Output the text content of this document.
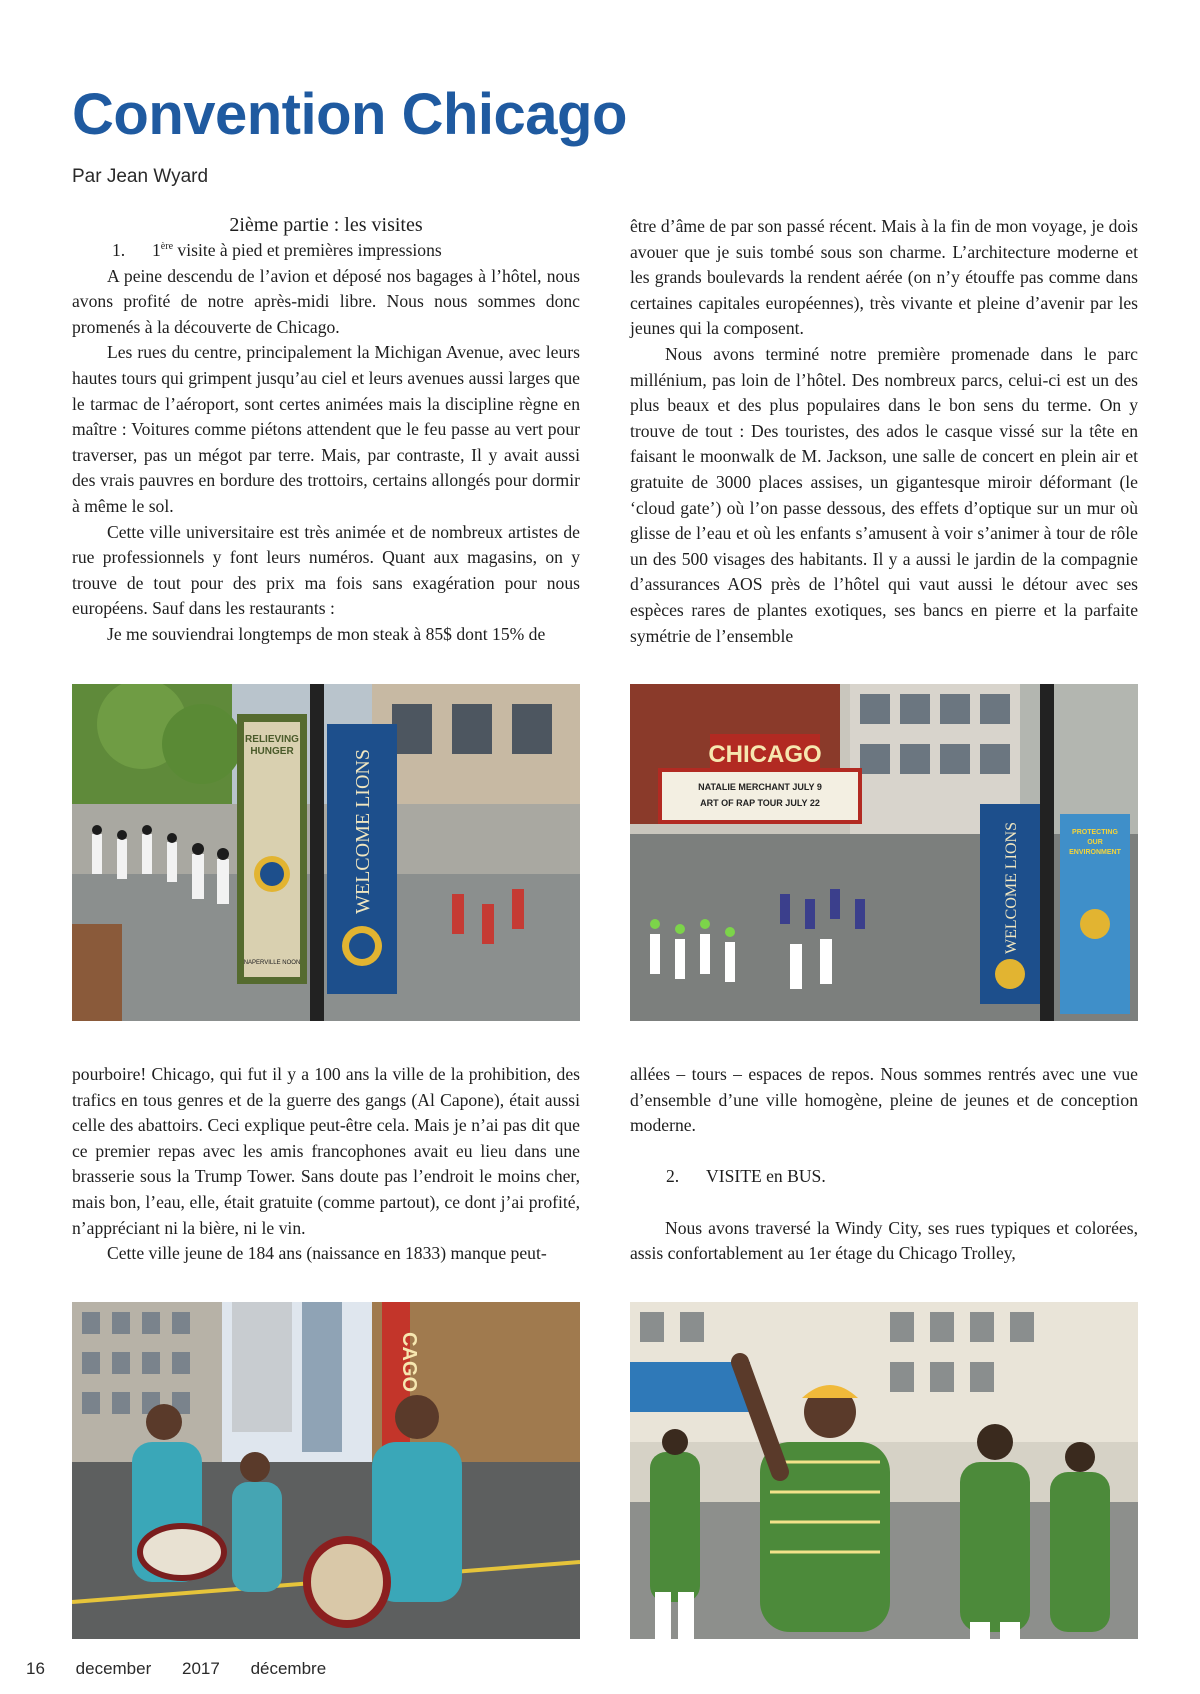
Convention Chicago
Par Jean Wyard

2ième partie : les visites

1. 1ère visite à pied et premières impressions

A peine descendu de l’avion et déposé nos bagages à l’hôtel, nous avons profité de notre après-midi libre. Nous nous sommes donc promenés à la découverte de Chicago.

Les rues du centre, principalement la Michigan Avenue, avec leurs hautes tours qui grimpent jusqu’au ciel et leurs avenues aussi larges que le tarmac de l’aéroport, sont certes animées mais la discipline règne en maître : Voitures comme piétons attendent que le feu passe au vert pour traverser, pas un mégot par terre. Mais, par contraste, Il y avait aussi des vrais pauvres en bordure des trottoirs, certains allongés pour dormir à même le sol.

Cette ville universitaire est très animée et de nombreux artistes de rue professionnels y font leurs numéros. Quant aux magasins, on y trouve de tout pour des prix ma fois sans exagération pour nous européens. Sauf dans les restaurants :

Je me souviendrai longtemps de mon steak à 85$ dont 15% de

être d’âme de par son passé récent. Mais à la fin de mon voyage, je dois avouer que je suis tombé sous son charme. L’architecture moderne et les grands boulevards la rendent aérée (on n’y étouffe pas comme dans certaines capitales européennes), très vivante et pleine d’avenir par les jeunes qui la composent.

Nous avons terminé notre première promenade dans le parc millénium, pas loin de l’hôtel. Des nombreux parcs, celui-ci est un des plus beaux et des plus populaires dans le bon sens du terme. On y trouve de tout : Des touristes, des ados le casque vissé sur la tête en faisant le moonwalk de M. Jackson, une salle de concert en plein air et gratuite de 3000 places assises, un gigantesque miroir déformant (le ‘cloud gate’) où l’on passe dessous, des effets d’optique sur un mur où glisse de l’eau et où les enfants s’amusent à voir s’animer à tour de rôle un des 500 visages des habitants. Il y a aussi le jardin de la compagnie d’assurances AOS près de l’hôtel qui vaut aussi le détour avec ses espèces rares de plantes exotiques, ses bancs en pierre et la parfaite symétrie de l’ensemble

RELIEVING
HUNGER
NAPERVILLE NOON
WELCOME LIONS	CHICAGO
NATALIE MERCHANT JULY 9
ART OF RAP TOUR JULY 22
WELCOME LIONS	PROTECTING
OUR
ENVIRONMENT

pourboire! Chicago, qui fut il y a 100 ans la ville de la prohibition, des trafics en tous genres et de la guerre des gangs (Al Capone), était aussi celle des abattoirs. Ceci explique peut-être cela. Mais je n’ai pas dit que ce premier repas avec les amis francophones avait eu lieu dans une brasserie sous la Trump Tower. Sans doute pas l’endroit le moins cher, mais bon, l’eau, elle, était gratuite (comme partout), ce dont j’ai profité, n’appréciant ni la bière, ni le vin.

Cette ville jeune de 184 ans (naissance en 1833) manque peut-

allées – tours – espaces de repos. Nous sommes rentrés avec une vue d’ensemble d’une ville homogène, pleine de jeunes et de conception moderne.

2. VISITE en BUS.

Nous avons traversé la Windy City, ses rues typiques et colorées, assis confortablement au 1er étage du Chicago Trolley,

CAGO
16 december 2017 décembre
